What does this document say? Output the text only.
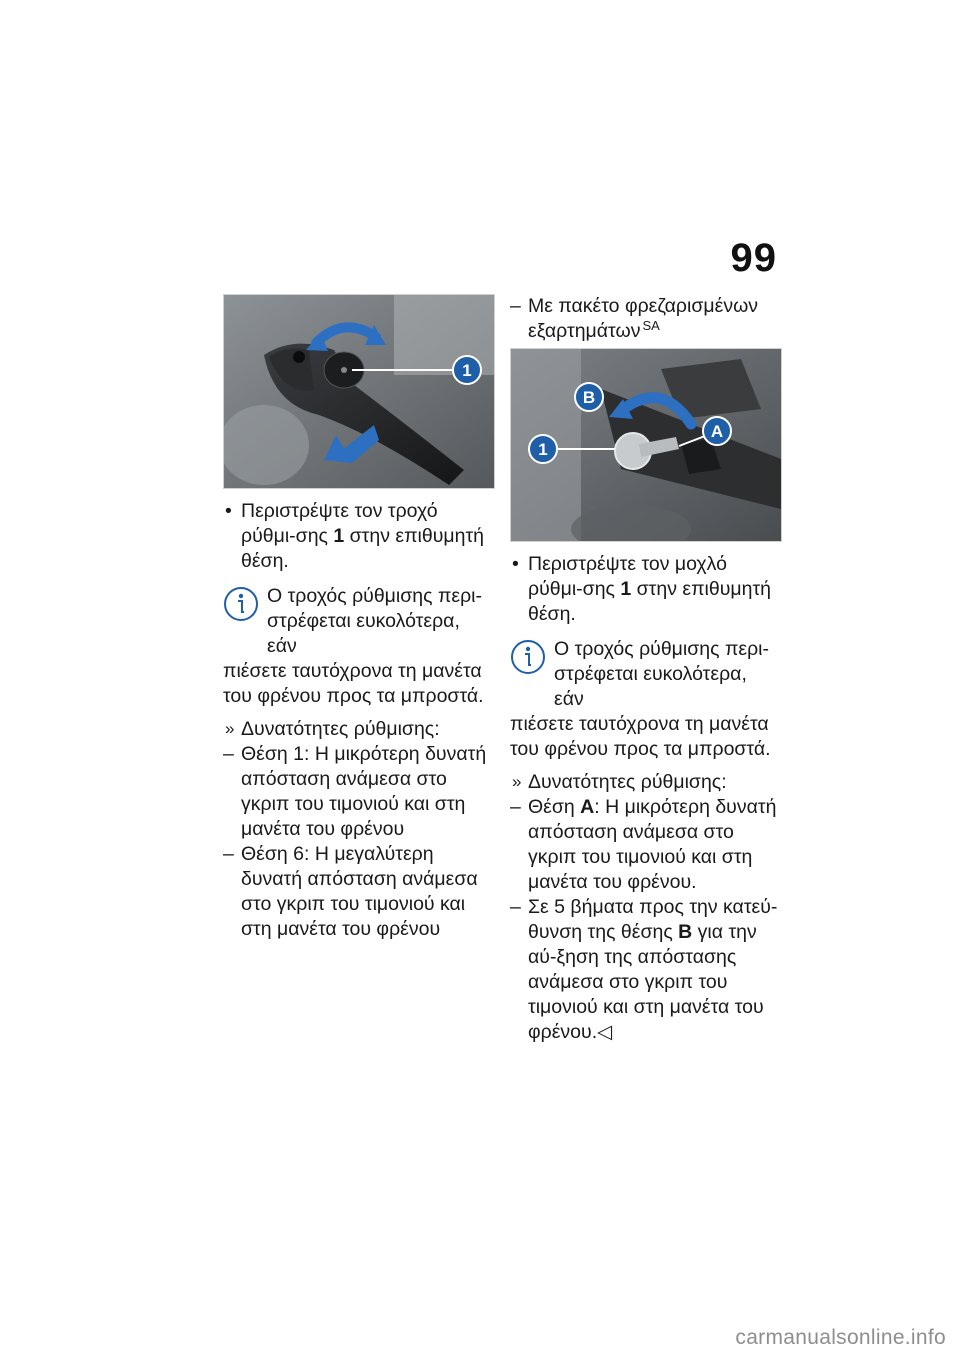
99
1

• Περιστρέψτε τον τροχό ρύθμι-σης 1 στην επιθυμητή θέση.

Ο τροχός ρύθμισης περι-στρέφεται ευκολότερα, εάν

πιέσετε ταυτόχρονα τη μανέτα του φρένου προς τα μπροστά.

» Δυνατότητες ρύθμισης:

– Θέση 1: Η μικρότερη δυνατή απόσταση ανάμεσα στο γκριπ του τιμονιού και στη μανέτα του φρένου

– Θέση 6: Η μεγαλύτερη δυνατή απόσταση ανάμεσα στο γκριπ του τιμονιού και στη μανέτα του φρένου

– Με πακέτο φρεζαρισμένων εξαρτημάτων $^{SA}$

1
A
B

• Περιστρέψτε τον μοχλό ρύθμι-σης 1 στην επιθυμητή θέση.

Ο τροχός ρύθμισης περι-στρέφεται ευκολότερα, εάν

πιέσετε ταυτόχρονα τη μανέτα του φρένου προς τα μπροστά.

» Δυνατότητες ρύθμισης:

– Θέση A: Η μικρότερη δυνατή απόσταση ανάμεσα στο γκριπ του τιμονιού και στη μανέτα του φρένου.

– Σε 5 βήματα προς την κατεύ-θυνση της θέσης B για την αύ-ξηση της απόστασης ανάμεσα στο γκριπ του τιμονιού και στη μανέτα του φρένου.◁

carmanualsonline.info
